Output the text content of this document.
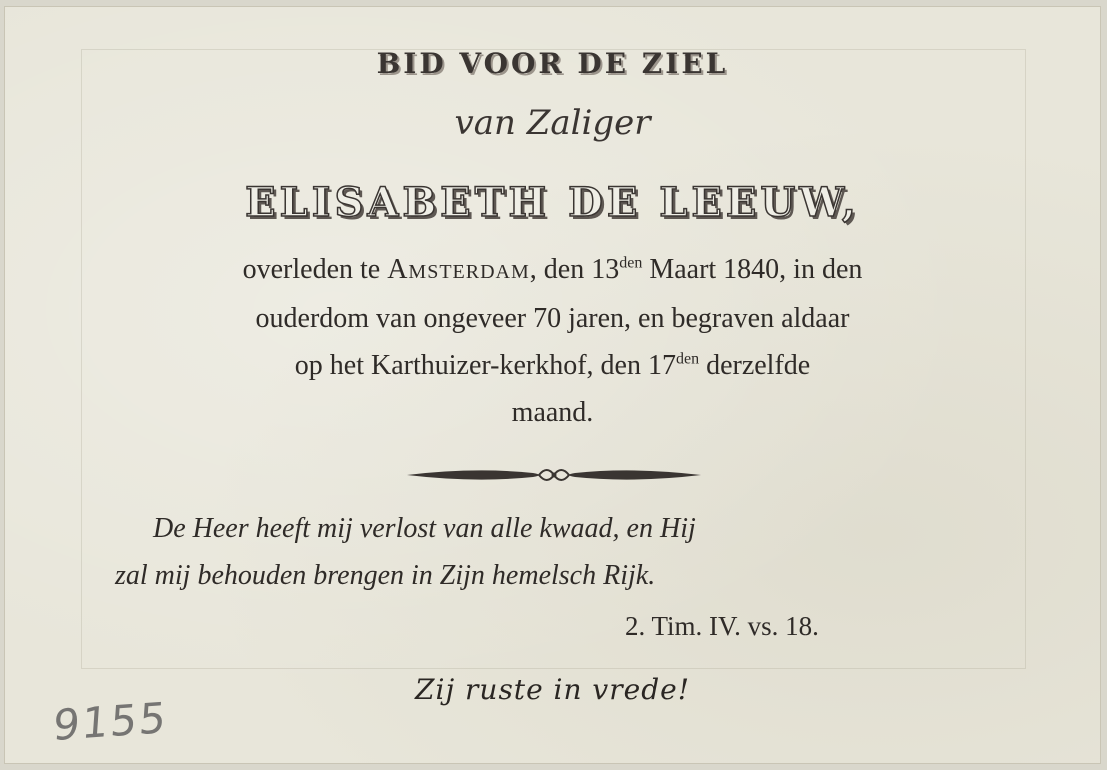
BID VOOR DE ZIEL
van Zaliger
ELISABETH DE LEEUW,
overleden te Amsterdam, den $13^{den}$ Maart 1840, in den
ouderdom van ongeveer 70 jaren, en begraven aldaar
op het Karthuizer-kerkhof, den $17^{den}$ derzelfde
maand.
De Heer heeft mij verlost van alle kwaad, en Hij
zal mij behouden brengen in Zijn hemelsch Rijk.
2. Tim. IV. vs. 18.
Zij ruste in vrede!
9155
